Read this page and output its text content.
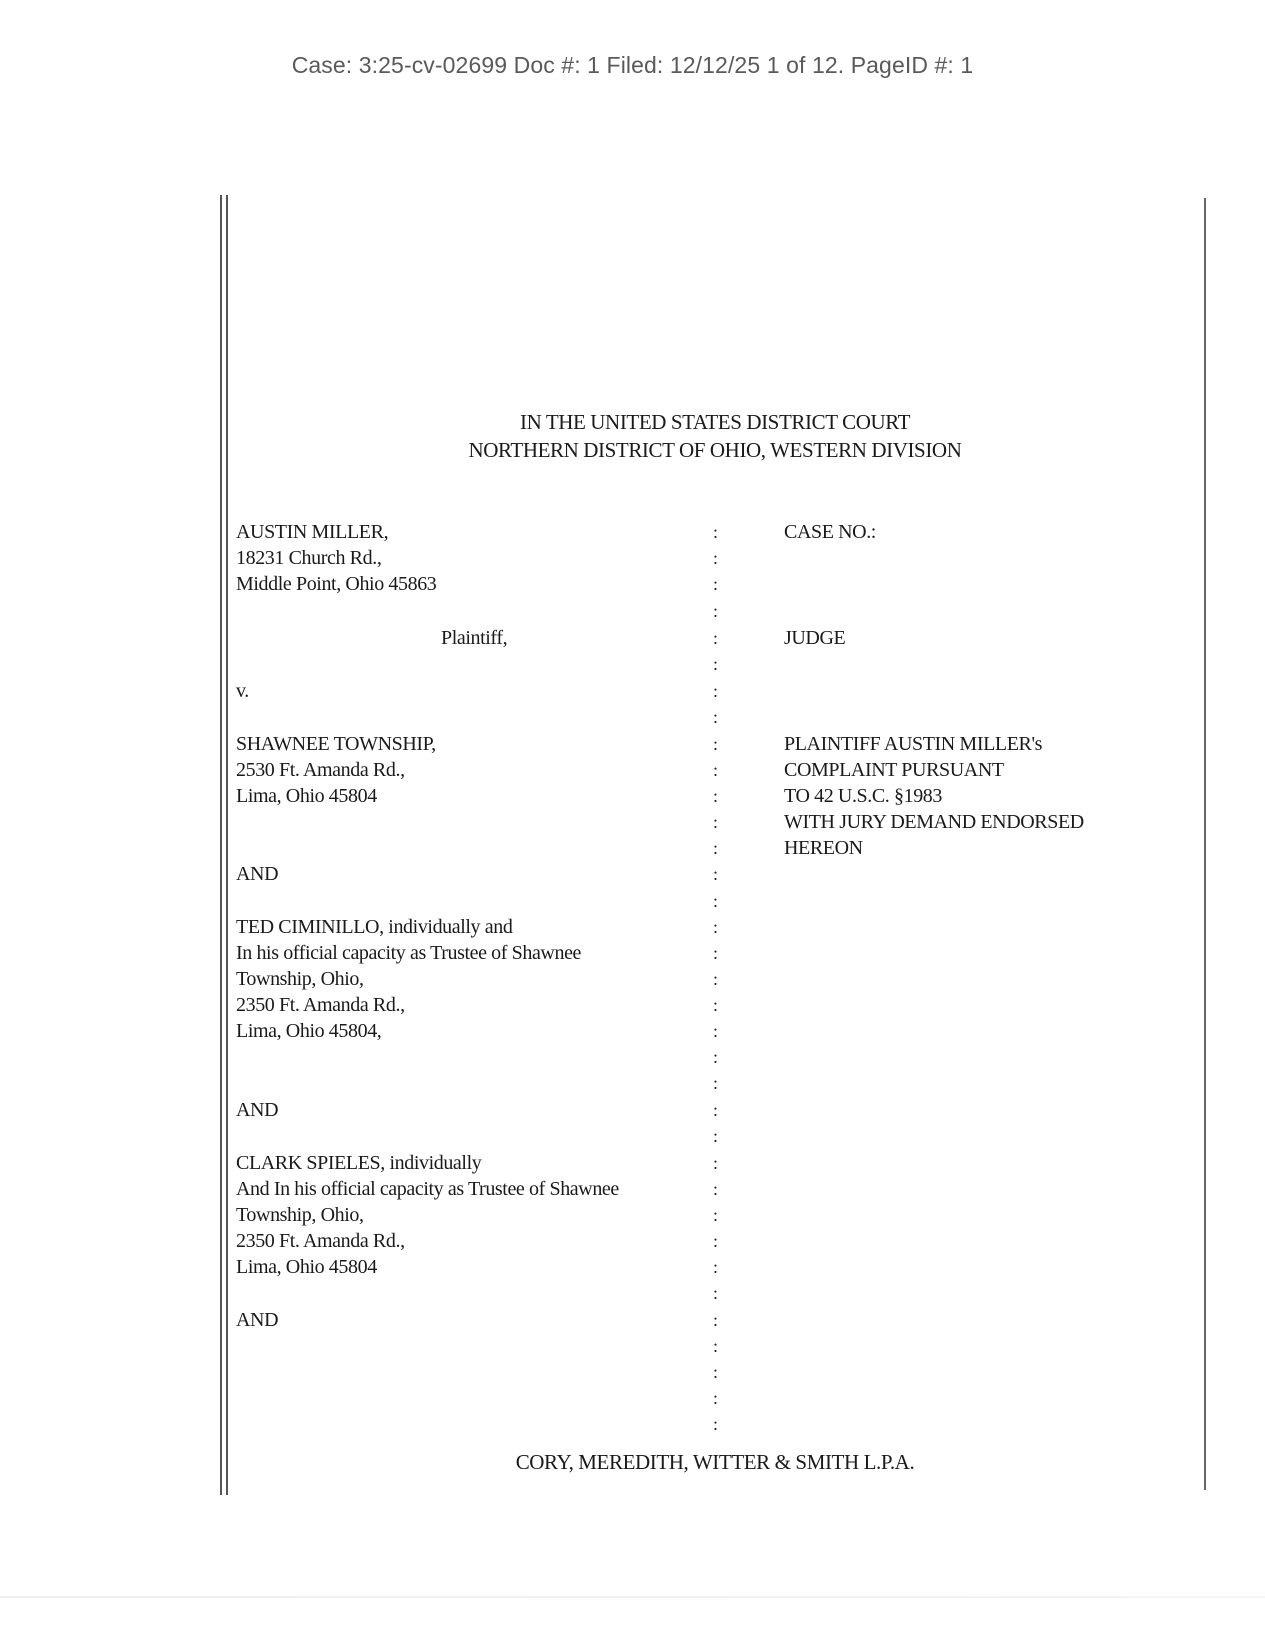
Case: 3:25-cv-02699 Doc #: 1 Filed: 12/12/25 1 of 12. PageID #: 1
IN THE UNITED STATES DISTRICT COURT
NORTHERN DISTRICT OF OHIO, WESTERN DIVISION
AUSTIN MILLER,
18231 Church Rd.,
Middle Point, Ohio 45863
Plaintiff,
v.
SHAWNEE TOWNSHIP,
2530 Ft. Amanda Rd.,
Lima, Ohio 45804
AND
TED CIMINILLO, individually and
In his official capacity as Trustee of Shawnee
Township, Ohio,
2350 Ft. Amanda Rd.,
Lima, Ohio 45804,
AND
CLARK SPIELES, individually
And In his official capacity as Trustee of Shawnee
Township, Ohio,
2350 Ft. Amanda Rd.,
Lima, Ohio 45804
AND
CASE NO.:
JUDGE
PLAINTIFF AUSTIN MILLER's
COMPLAINT PURSUANT
TO 42 U.S.C. §1983
WITH JURY DEMAND ENDORSED
HEREON
:
:
:
:
:
:
:
:
:
:
:
:
:
:
:
:
:
:
:
:
:
:
:
:
:
:
:
:
:
:
:
:
:
:
:
CORY, MEREDITH, WITTER & SMITH L.P.A.
